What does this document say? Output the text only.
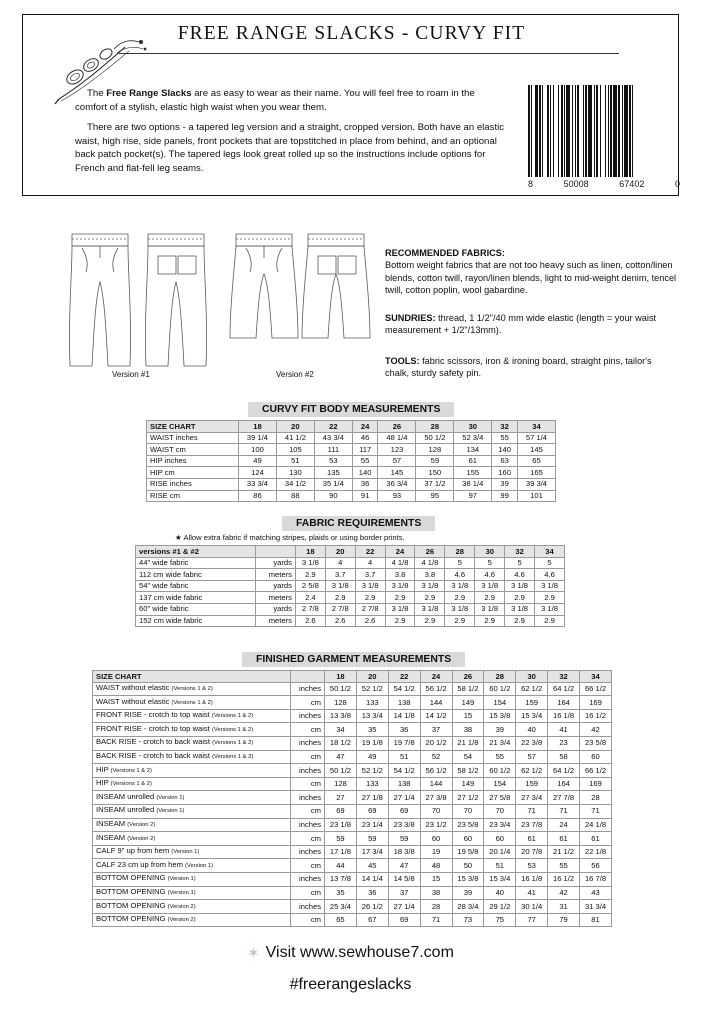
FREE RANGE SLACKS - CURVY FIT

The Free Range Slacks are as easy to wear as their name. You will feel free to roam in the comfort of a stylish, elastic high waist when you wear them.

There are two options - a tapered leg version and a straight, cropped version. Both have an elastic waist, high rise, side panels, front pockets that are topstitched in place from behind, and an optional back patch pocket(s). The tapered legs look great rolled up so the instructions include options for French and flat-fell leg seams.

8	50008	67402	0
Version #1	Version #2
RECOMMENDED FABRICS:
Bottom weight fabrics that are not too heavy such as linen, cotton/linen blends, cotton twill, rayon/linen blends, light to mid-weight denim, tencel twill, cotton poplin, wool gabardine.
SUNDRIES: thread, 1 1/2"/40 mm wide elastic (length = your waist measurement + 1/2"/13mm).
TOOLS: fabric scissors, iron & ironing board, straight pins, tailor's chalk, sturdy safety pin.
CURVY FIT BODY MEASUREMENTS
FABRIC REQUIREMENTS
FINISHED GARMENT MEASUREMENTS
★ Allow extra fabric if matching stripes, plaids or using border prints.
SIZE CHART	18	20	22	24	26	28	30	32	34
WAIST inches	39 1/4	41 1/2	43 3/4	46	48 1/4	50 1/2	52 3/4	55	57 1/4
WAIST cm	100	105	111	117	123	128	134	140	145
HIP inches	49	51	53	55	57	59	61	63	65
HIP cm	124	130	135	140	145	150	155	160	165
RISE inches	33 3/4	34 1/2	35 1/4	36	36 3/4	37 1/2	38 1/4	39	39 3/4
RISE cm	86	88	90	91	93	95	97	99	101
versions #1 & #2		18	20	22	24	26	28	30	32	34
44" wide fabric	yards	3 1/8	4	4	4 1/8	4 1/8	5	5	5	5
112 cm wide fabric	meters	2.9	3.7	3.7	3.8	3.8	4.6	4.6	4.6	4.6
54" wide fabric	yards	2 5/8	3 1/8	3 1/8	3 1/8	3 1/8	3 1/8	3 1/8	3 1/8	3 1/8
137 cm wide fabric	meters	2.4	2.9	2.9	2.9	2.9	2.9	2.9	2.9	2.9
60" wide fabric	yards	2 7/8	2 7/8	2 7/8	3 1/8	3 1/8	3 1/8	3 1/8	3 1/8	3 1/8
152 cm wide fabric	meters	2.6	2.6	2.6	2.9	2.9	2.9	2.9	2.9	2.9
SIZE CHART		18	20	22	24	26	28	30	32	34
WAIST without elastic (Versions 1 & 2)	inches	50 1/2	52 1/2	54 1/2	56 1/2	58 1/2	60 1/2	62 1/2	64 1/2	66 1/2
WAIST without elastic (Versions 1 & 2)	cm	128	133	138	144	149	154	159	164	169
FRONT RISE - crotch to top waist (Versions 1 & 2)	inches	13 3/8	13 3/4	14 1/8	14 1/2	15	15 3/8	15 3/4	16 1/8	16 1/2
FRONT RISE - crotch to top waist (Versions 1 & 2)	cm	34	35	36	37	38	39	40	41	42
BACK RISE - crotch to back waist (Versions 1 & 2)	inches	18 1/2	19 1/8	19 7/8	20 1/2	21 1/8	21 3/4	22 3/8	23	23 5/8
BACK RISE - crotch to back waist (Versions 1 & 2)	cm	47	49	51	52	54	55	57	58	60
HIP (Versions 1 & 2)	inches	50 1/2	52 1/2	54 1/2	56 1/2	58 1/2	60 1/2	62 1/2	64 1/2	66 1/2
HIP (Versions 1 & 2)	cm	128	133	138	144	149	154	159	164	169
INSEAM unrolled (Version 1)	inches	27	27 1/8	27 1/4	27 3/8	27 1/2	27 5/8	27 3/4	27 7/8	28
INSEAM unrolled (Version 1)	cm	69	69	69	70	70	70	71	71	71
INSEAM (Version 2)	inches	23 1/8	23 1/4	23 3/8	23 1/2	23 5/8	23 3/4	23 7/8	24	24 1/8
INSEAM (Version 2)	cm	59	59	59	60	60	60	61	61	61
CALF 9" up from hem (Version 1)	inches	17 1/8	17 3/4	18 3/8	19	19 5/8	20 1/4	20 7/8	21 1/2	22 1/8
CALF 23 cm up from hem (Version 1)	cm	44	45	47	48	50	51	53	55	56
BOTTOM OPENING (Version 1)	inches	13 7/8	14 1/4	14 5/8	15	15 3/8	15 3/4	16 1/8	16 1/2	16 7/8
BOTTOM OPENING (Version 1)	cm	35	36	37	38	39	40	41	42	43
BOTTOM OPENING (Version 2)	inches	25 3/4	26 1/2	27 1/4	28	28 3/4	29 1/2	30 1/4	31	31 3/4
BOTTOM OPENING (Version 2)	cm	65	67	69	71	73	75	77	79	81
✶ Visit www.sewhouse7.com
#freerangeslacks
